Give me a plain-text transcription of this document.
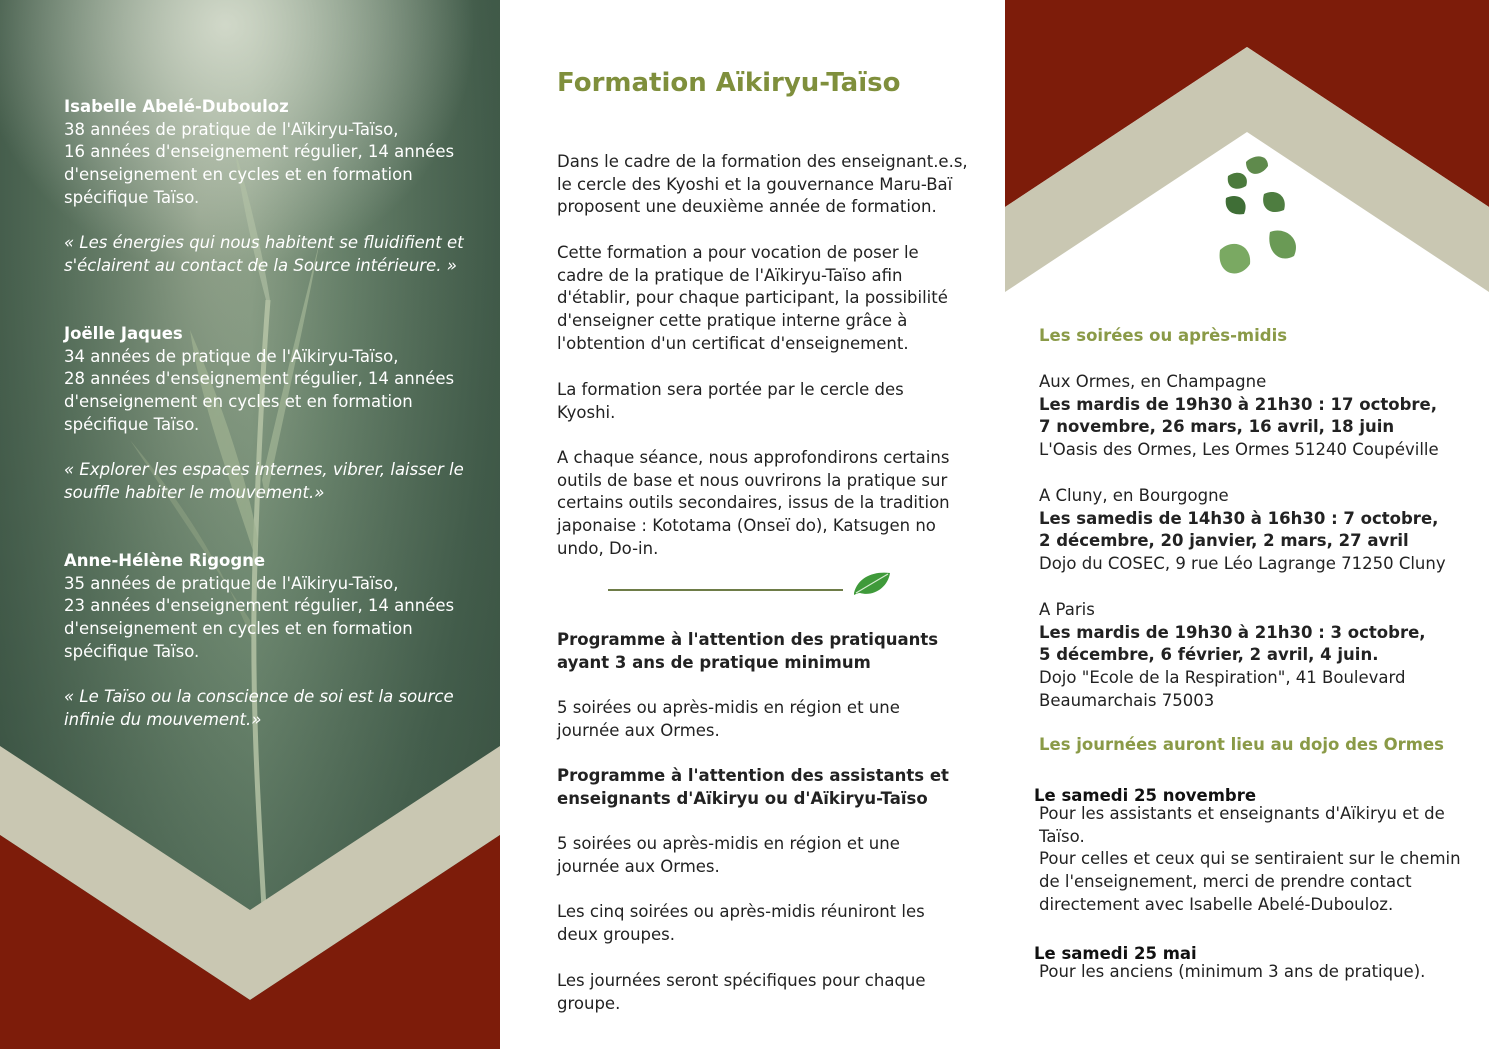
Isabelle Abelé-Dubouloz
38 années de pratique de l'Aïkiryu-Taïso,
16 années d'enseignement régulier, 14 années
d'enseignement en cycles et en formation
spécifique Taïso.
« Les énergies qui nous habitent se fluidifient et
s'éclairent au contact de la Source intérieure. »
Joëlle Jaques
34 années de pratique de l'Aïkiryu-Taïso,
28 années d'enseignement régulier, 14 années
d'enseignement en cycles et en formation
spécifique Taïso.
« Explorer les espaces internes, vibrer, laisser le
souffle habiter le mouvement.»
Anne-Hélène Rigogne
35 années de pratique de l'Aïkiryu-Taïso,
23 années d'enseignement régulier, 14 années
d'enseignement en cycles et en formation
spécifique Taïso.
« Le Taïso ou la conscience de soi est la source
infinie du mouvement.»
Formation Aïkiryu-Taïso
Dans le cadre de la formation des enseignant.e.s,
le cercle des Kyoshi et la gouvernance Maru-Baï
proposent une deuxième année de formation.
Cette formation a pour vocation de poser le
cadre de la pratique de l'Aïkiryu-Taïso afin
d'établir, pour chaque participant, la possibilité
d'enseigner cette pratique interne grâce à
l'obtention d'un certificat d'enseignement.
La formation sera portée par le cercle des
Kyoshi.
A chaque séance, nous approfondirons certains
outils de base et nous ouvrirons la pratique sur
certains outils secondaires, issus de la tradition
japonaise : Kototama (Onseï do), Katsugen no
undo, Do-in.
Programme à l'attention des pratiquants
ayant 3 ans de pratique minimum
5 soirées ou après-midis en région et une
journée aux Ormes.
Programme à l'attention des assistants et
enseignants d'Aïkiryu ou d'Aïkiryu-Taïso
5 soirées ou après-midis en région et une
journée aux Ormes.
Les cinq soirées ou après-midis réuniront les
deux groupes.
Les journées seront spécifiques pour chaque
groupe.
Les soirées ou après-midis
Aux Ormes, en Champagne
Les mardis de 19h30 à 21h30 : 17 octobre,
7 novembre, 26 mars, 16 avril, 18 juin
L'Oasis des Ormes, Les Ormes 51240 Coupéville
A Cluny, en Bourgogne
Les samedis de 14h30 à 16h30 : 7 octobre,
2 décembre, 20 janvier, 2 mars, 27 avril
Dojo du COSEC, 9 rue Léo Lagrange 71250 Cluny
A Paris
Les mardis de 19h30 à 21h30 : 3 octobre,
5 décembre, 6 février, 2 avril, 4 juin.
Dojo "Ecole de la Respiration", 41 Boulevard
Beaumarchais 75003
Les journées auront lieu au dojo des Ormes
Le samedi 25 novembre
Pour les assistants et enseignants d'Aïkiryu et de
Taïso.
Pour celles et ceux qui se sentiraient sur le chemin
de l'enseignement, merci de prendre contact
directement avec Isabelle Abelé-Dubouloz.
Le samedi 25 mai
Pour les anciens (minimum 3 ans de pratique).
